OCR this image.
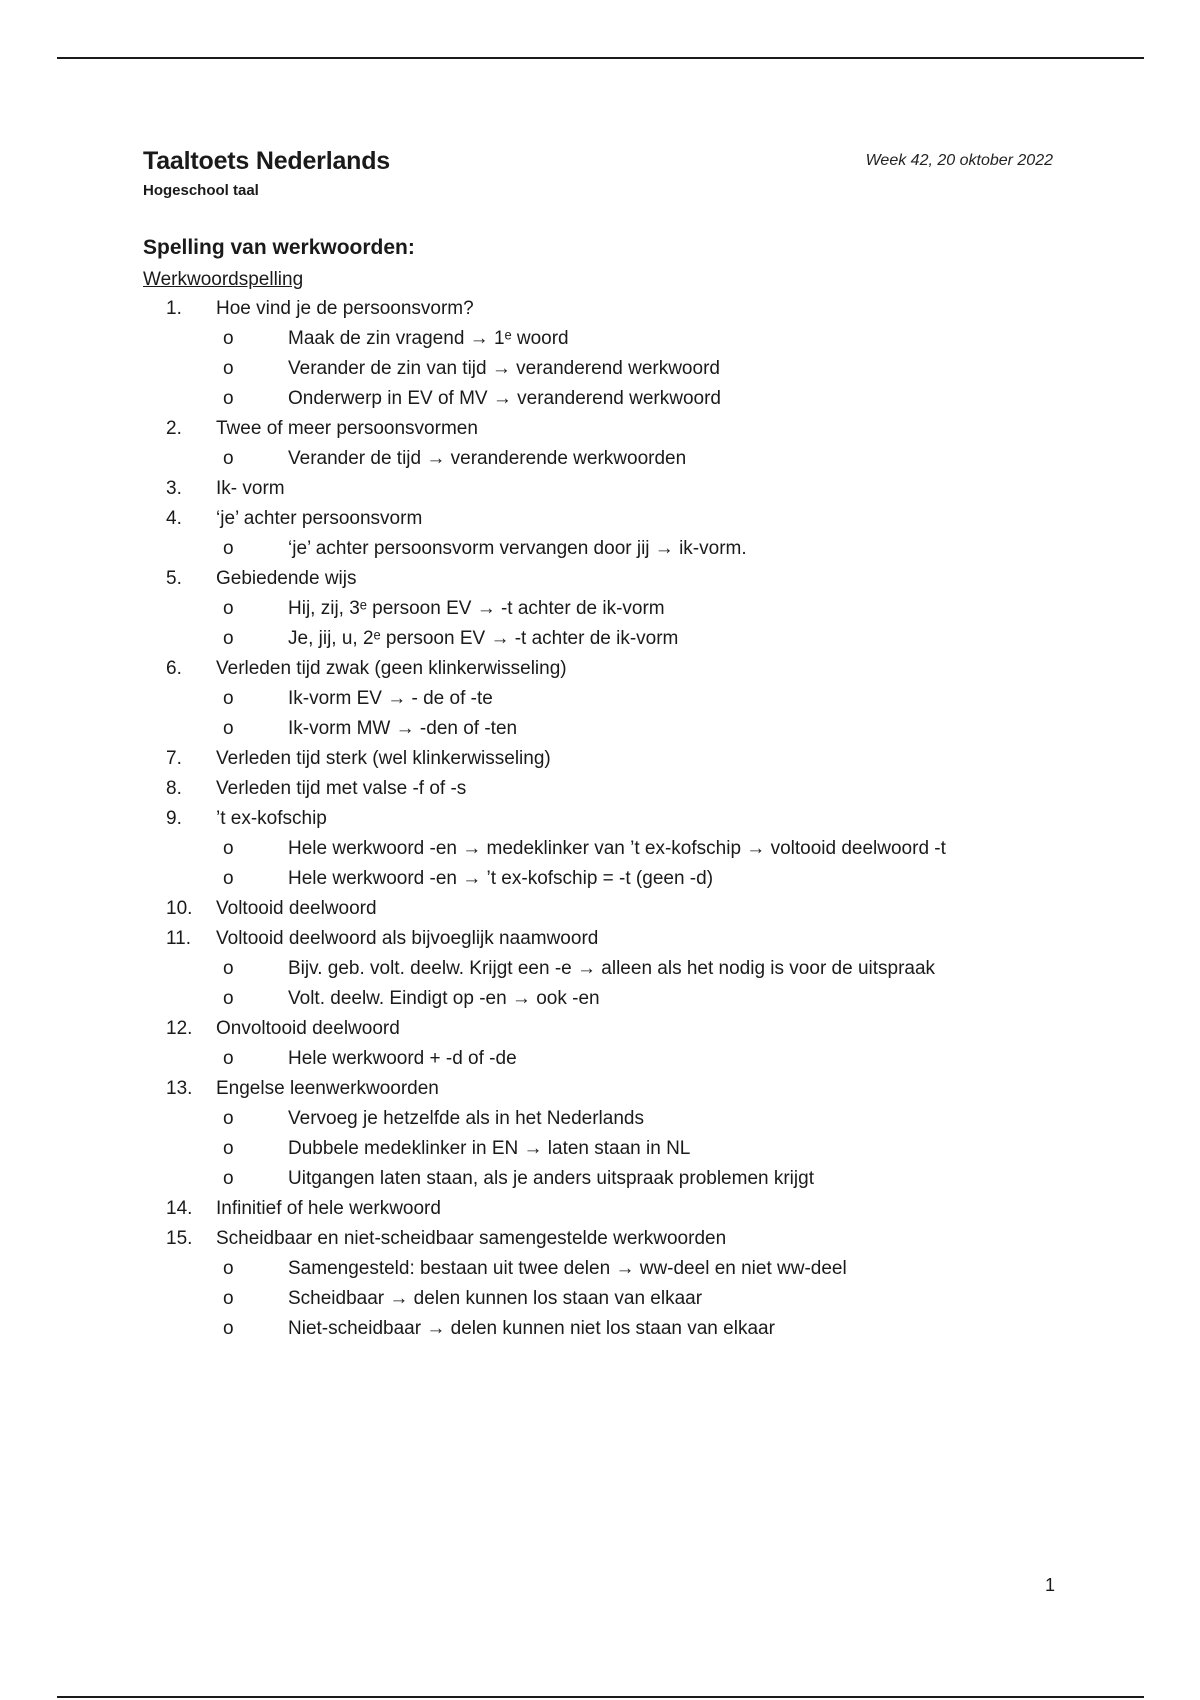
Taaltoets Nederlands
Hogeschool taal
Week 42, 20 oktober 2022
Spelling van werkwoorden:
Werkwoordspelling
1.	Hoe vind je de persoonsvorm?
o	Maak de zin vragend → 1ᵉ woord
o	Verander de zin van tijd → veranderend werkwoord
o	Onderwerp in EV of MV → veranderend werkwoord
2.	Twee of meer persoonsvormen
o	Verander de tijd → veranderende werkwoorden
3.	Ik- vorm
4.	‘je’ achter persoonsvorm
o	‘je’ achter persoonsvorm vervangen door jij → ik-vorm.
5.	Gebiedende wijs
o	Hij, zij, 3ᵉ persoon EV → -t achter de ik-vorm
o	Je, jij, u, 2ᵉ persoon EV → -t achter de ik-vorm
6.	Verleden tijd zwak (geen klinkerwisseling)
o	Ik-vorm EV → - de of -te
o	Ik-vorm MW → -den of -ten
7.	Verleden tijd sterk (wel klinkerwisseling)
8.	Verleden tijd met valse -f of -s
9.	’t ex-kofschip
o	Hele werkwoord -en → medeklinker van ’t ex-kofschip → voltooid deelwoord -t
o	Hele werkwoord -en → ’t ex-kofschip = -t (geen -d)
10.	Voltooid deelwoord
11.	Voltooid deelwoord als bijvoeglijk naamwoord
o	Bijv. geb. volt. deelw. Krijgt een -e → alleen als het nodig is voor de uitspraak
o	Volt. deelw. Eindigt op -en → ook -en
12.	Onvoltooid deelwoord
o	Hele werkwoord + -d of -de
13.	Engelse leenwerkwoorden
o	Vervoeg je hetzelfde als in het Nederlands
o	Dubbele medeklinker in EN → laten staan in NL
o	Uitgangen laten staan, als je anders uitspraak problemen krijgt
14.	Infinitief of hele werkwoord
15.	Scheidbaar en niet-scheidbaar samengestelde werkwoorden
o	Samengesteld: bestaan uit twee delen → ww-deel en niet ww-deel
o	Scheidbaar → delen kunnen los staan van elkaar
o	Niet-scheidbaar → delen kunnen niet los staan van elkaar
1
